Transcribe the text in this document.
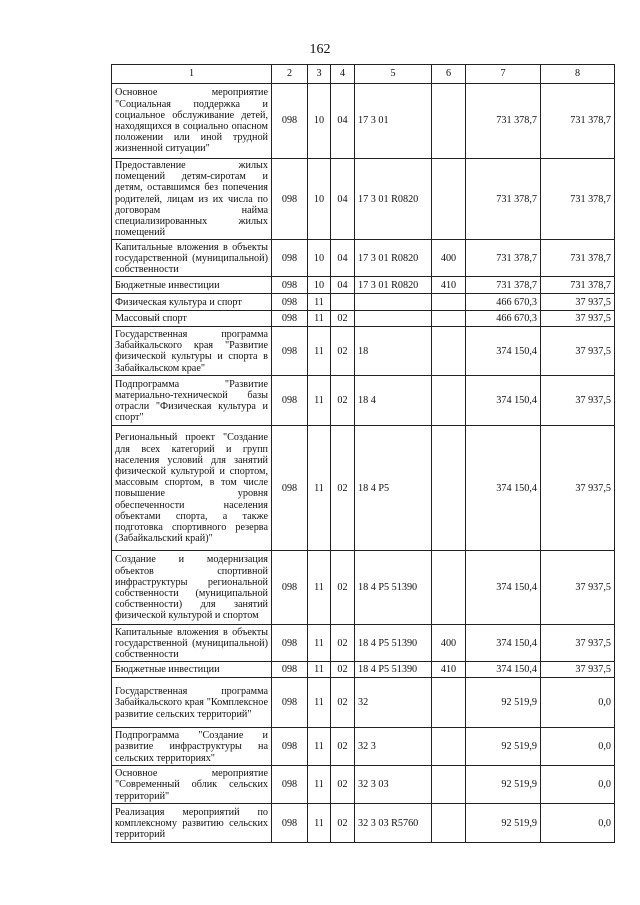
162
1	2	3	4	5	6	7	8
Основное мероприятие "Социальная поддержка и социальное обслуживание детей, находящихся в социально опасном положении или иной трудной жизненной ситуации"	098	10	04	17 3 01		731 378,7	731 378,7
Предоставление жилых помещений детям-сиротам и детям, оставшимся без попечения родителей, лицам из их числа по договорам найма специализированных жилых помещений	098	10	04	17 3 01 R0820		731 378,7	731 378,7
Капитальные вложения в объекты государственной (муниципальной) собственности	098	10	04	17 3 01 R0820	400	731 378,7	731 378,7
Бюджетные инвестиции	098	10	04	17 3 01 R0820	410	731 378,7	731 378,7
Физическая культура и спорт	098	11				466 670,3	37 937,5
Массовый спорт	098	11	02			466 670,3	37 937,5
Государственная программа Забайкальского края "Развитие физической культуры и спорта в Забайкальском крае"	098	11	02	18		374 150,4	37 937,5
Подпрограмма "Развитие материально-технической базы отрасли "Физическая культура и спорт"	098	11	02	18 4		374 150,4	37 937,5
Региональный проект "Создание для всех категорий и групп населения условий для занятий физической культурой и спортом, массовым спортом, в том числе повышение уровня обеспеченности населения объектами спорта, а также подготовка спортивного резерва (Забайкальский край)"	098	11	02	18 4 P5		374 150,4	37 937,5
Создание и модернизация объектов спортивной инфраструктуры региональной собственности (муниципальной собственности) для занятий физической культурой и спортом	098	11	02	18 4 P5 51390		374 150,4	37 937,5
Капитальные вложения в объекты государственной (муниципальной) собственности	098	11	02	18 4 P5 51390	400	374 150,4	37 937,5
Бюджетные инвестиции	098	11	02	18 4 P5 51390	410	374 150,4	37 937,5
Государственная программа Забайкальского края "Комплексное развитие сельских территорий"	098	11	02	32		92 519,9	0,0
Подпрограмма "Создание и развитие инфраструктуры на сельских территориях"	098	11	02	32 3		92 519,9	0,0
Основное мероприятие "Современный облик сельских территорий"	098	11	02	32 3 03		92 519,9	0,0
Реализация мероприятий по комплексному развитию сельских территорий	098	11	02	32 3 03 R5760		92 519,9	0,0
